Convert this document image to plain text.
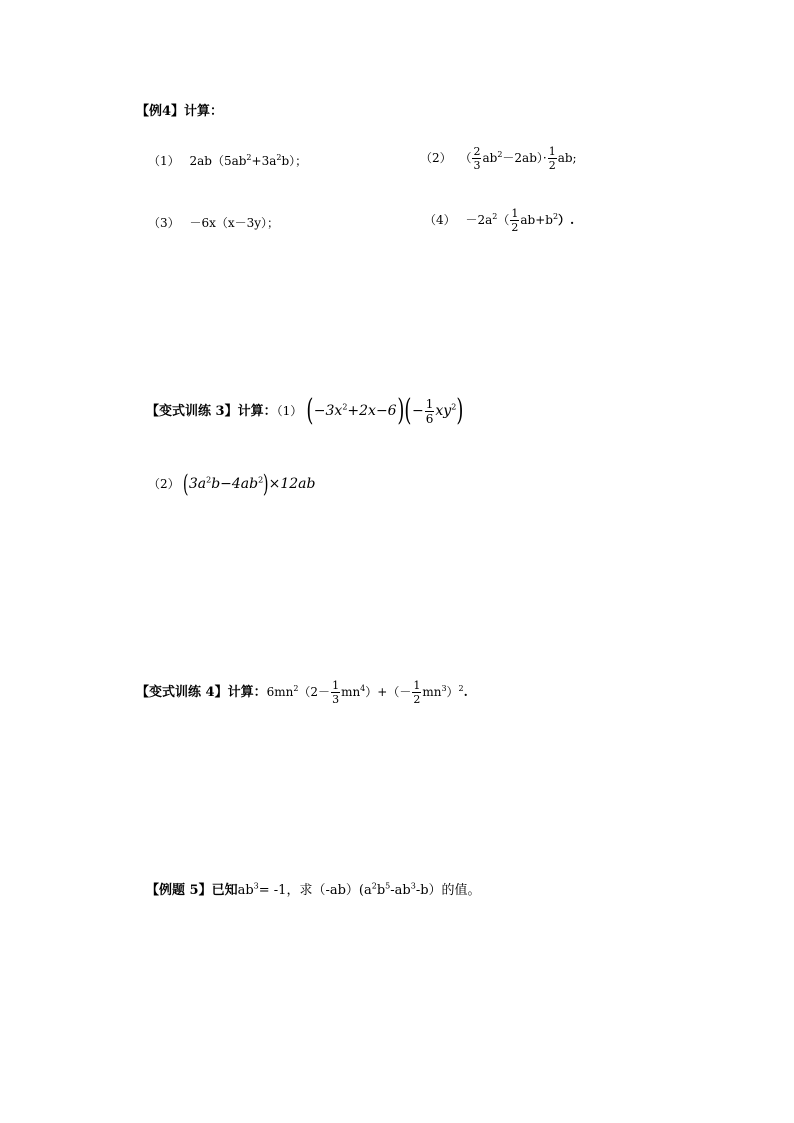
【例4】计算：
（1） $2ab(5ab^2+3a^2b)$；	（2） （ $\frac{2}{3} ab^2-2ab)\cdot \frac{1}{2}$ ab;
（3） －6x（x－3y）；	$(4) -2a^2( \frac{1}{2} ab+b^2)$.
【变式训练 3】计算：（1） $(-3x^2+2x-6)(- \frac{1}{6} xy^2)$
（2） $(3a^2b-4ab^2)\times 12ab$
【变式训练 4】计算：$6mn^2(2- \frac{1}{3} mn^4)+(- \frac{1}{2} mn^3)^2$.
【例题 5】已知$ab^3= -1$，求$(-ab)(a^2b^5-ab^3-b)$的值。
